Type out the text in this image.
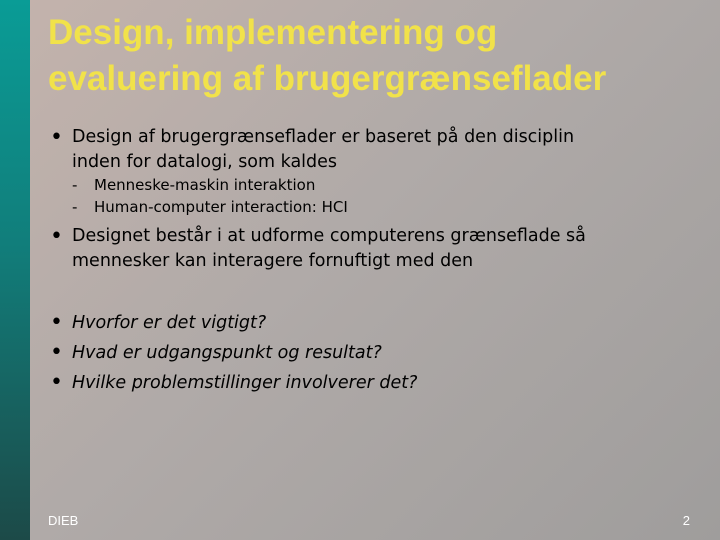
Design, implementering og
evaluering af brugergrænseflader
• Design af brugergrænseflader er baseret på den disciplin
inden for datalogi, som kaldes
- Menneske-maskin interaktion
- Human-computer interaction: HCI
• Designet består i at udforme computerens grænseflade så
mennesker kan interagere fornuftigt med den
• Hvorfor er det vigtigt?
• Hvad er udgangspunkt og resultat?
• Hvilke problemstillinger involverer det?
DIEB	2
